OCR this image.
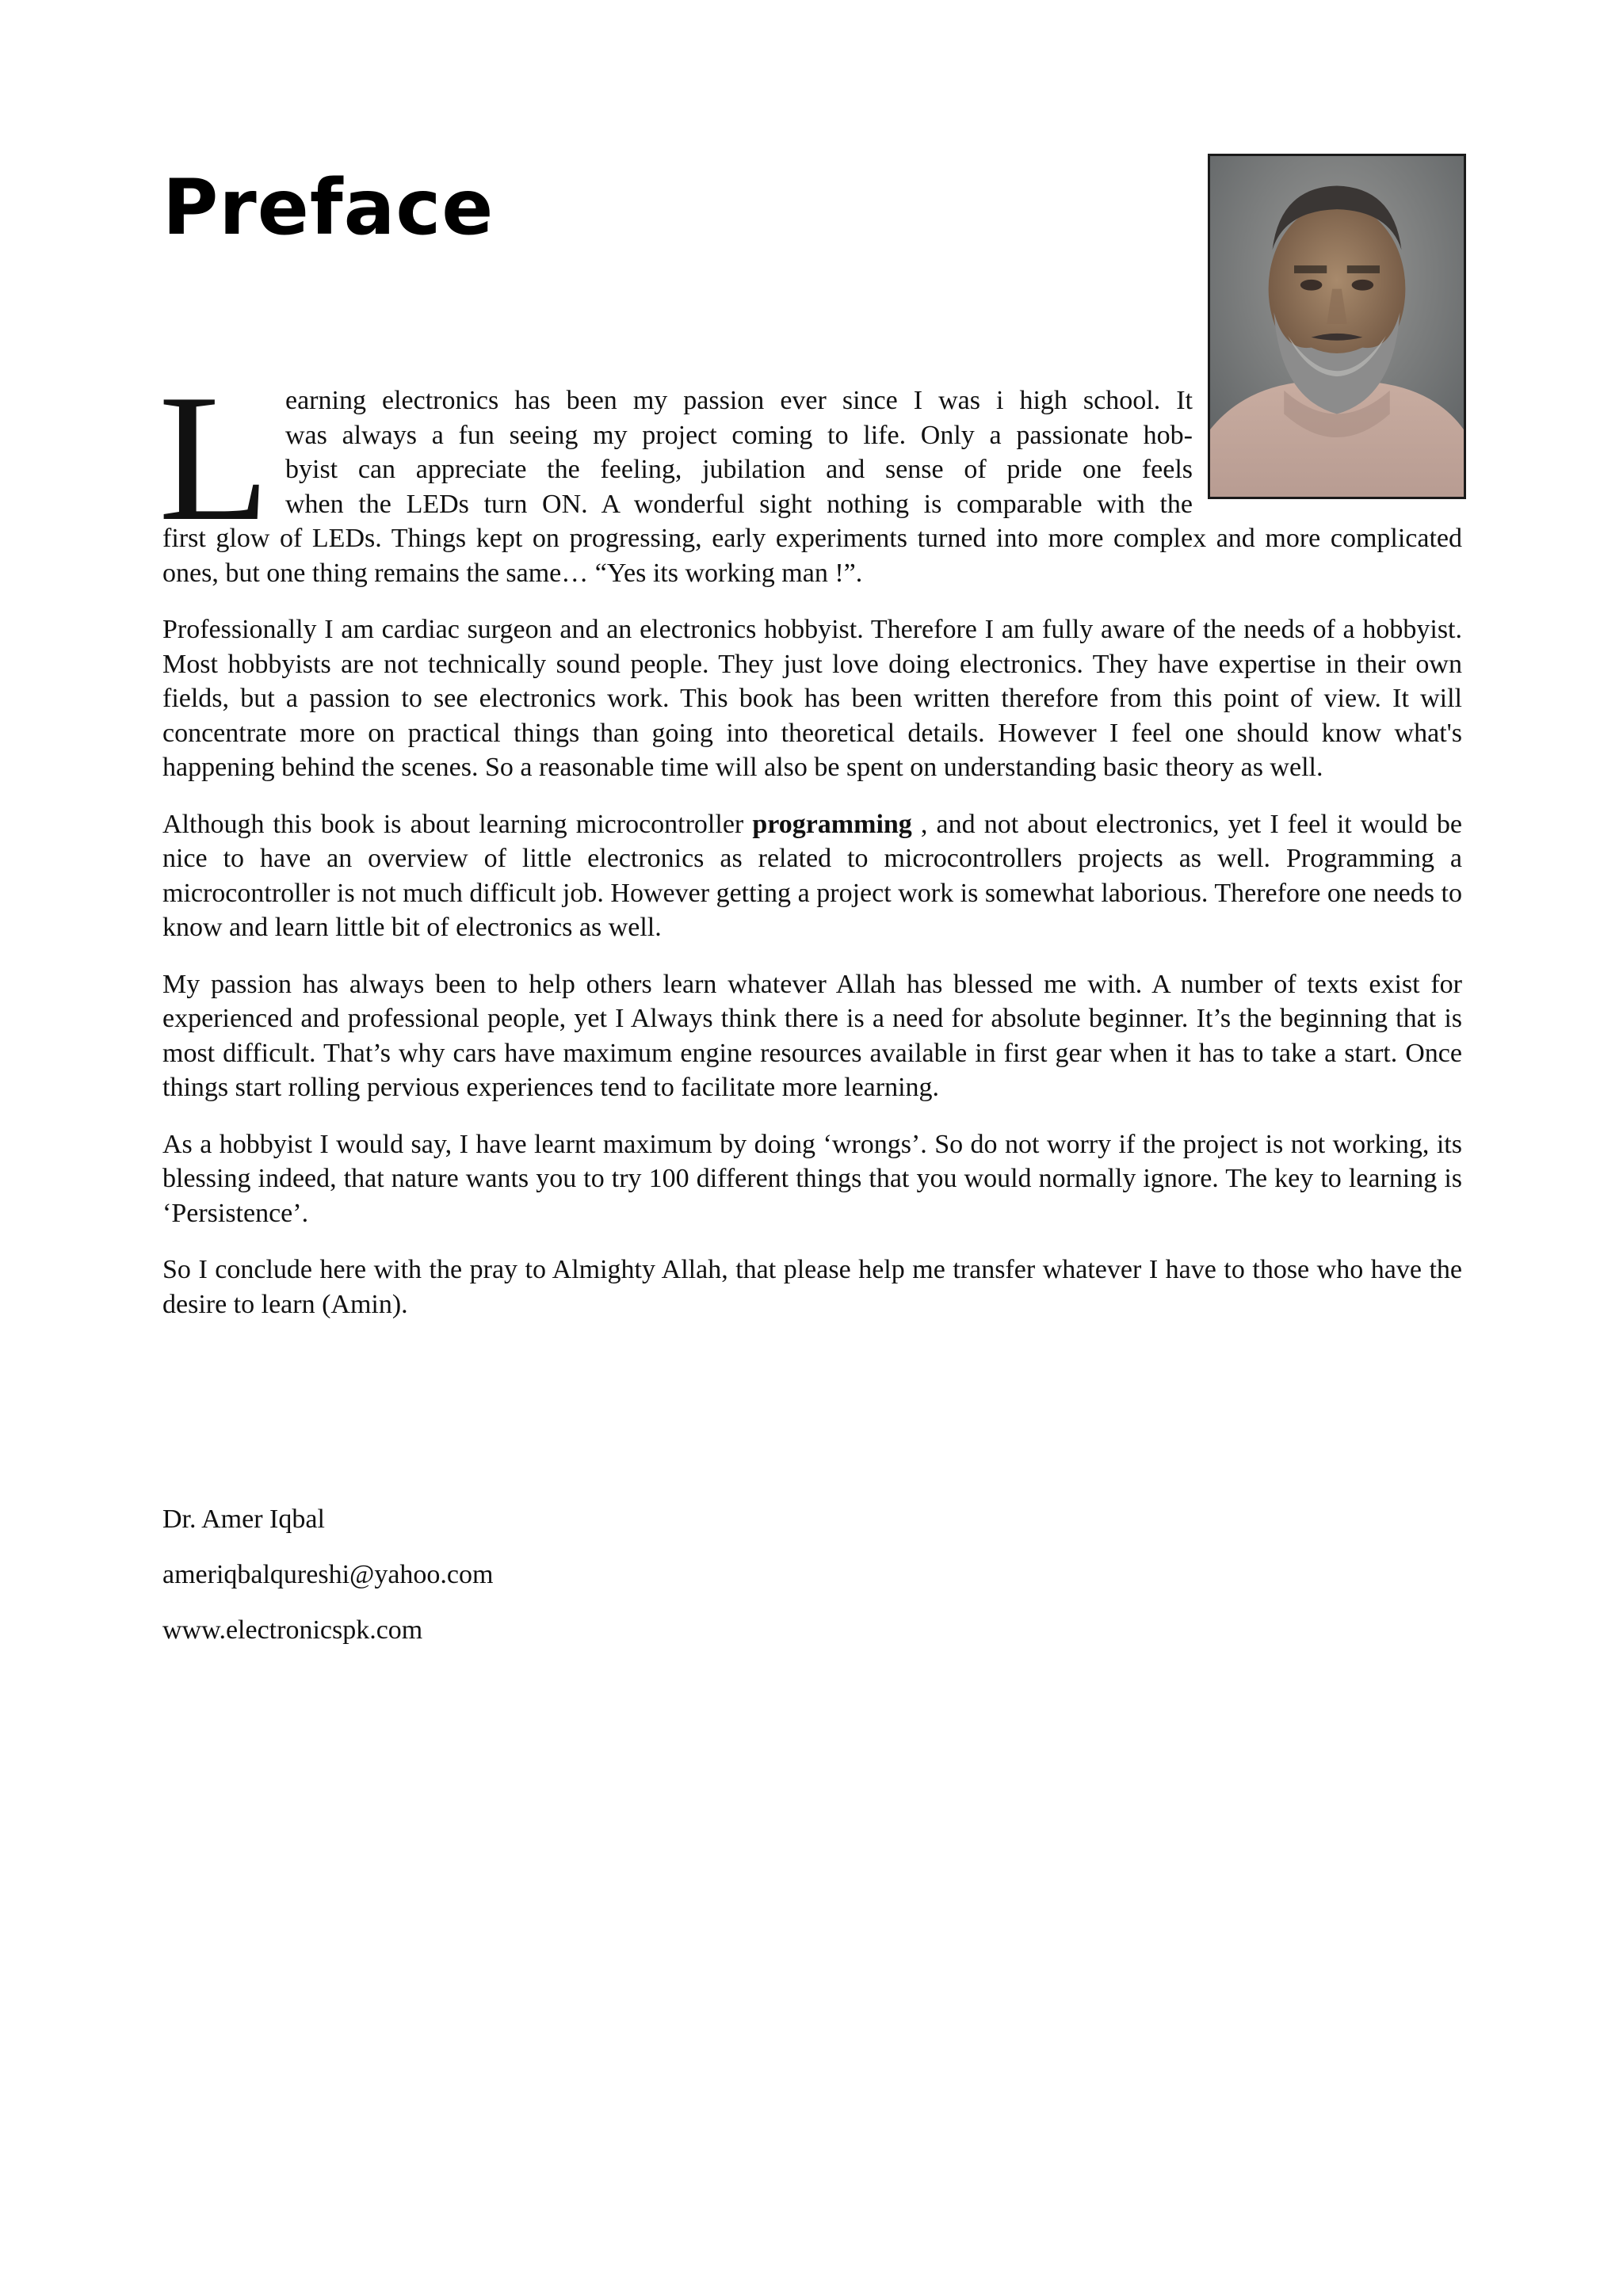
Preface
L earning electronics has been my passion ever since I was i high school. It
was always a fun seeing my project coming to life. Only a passionate hob-
byist can appreciate the feeling, jubilation and sense of pride one feels
when the LEDs turn ON. A wonderful sight nothing is comparable with the
first glow of LEDs. Things kept on progressing, early experiments turned into more complex and more complicated ones, but one thing remains the same… “Yes its working man !”.

Professionally I am cardiac surgeon and an electronics hobbyist. Therefore I am fully aware of the needs of a hobbyist. Most hobbyists are not technically sound people. They just love doing electronics. They have expertise in their own fields, but a passion to see electronics work. This book has been written therefore from this point of view. It will concentrate more on practical things than going into theoretical details. However I feel one should know what's happening behind the scenes. So a reasonable time will also be spent on understanding basic theory as well.

Although this book is about learning microcontroller programming , and not about electronics, yet I feel it would be nice to have an overview of little electronics as related to microcontrollers projects as well. Programming a microcontroller is not much difficult job. However getting a project work is somewhat laborious. Therefore one needs to know and learn little bit of electronics as well.

My passion has always been to help others learn whatever Allah has blessed me with. A number of texts exist for experienced and professional people, yet I Always think there is a need for absolute beginner. It’s the beginning that is most difficult. That’s why cars have maximum engine resources available in first gear when it has to take a start. Once things start rolling pervious experiences tend to facilitate more learning.

As a hobbyist I would say, I have learnt maximum by doing ‘wrongs’. So do not worry if the project is not working, its blessing indeed, that nature wants you to try 100 different things that you would normally ignore. The key to learning is ‘Persistence’.

So I conclude here with the pray to Almighty Allah, that please help me transfer whatever I have to those who have the desire to learn (Amin).

Dr. Amer Iqbal

ameriqbalqureshi@yahoo.com

www.electronicspk.com
